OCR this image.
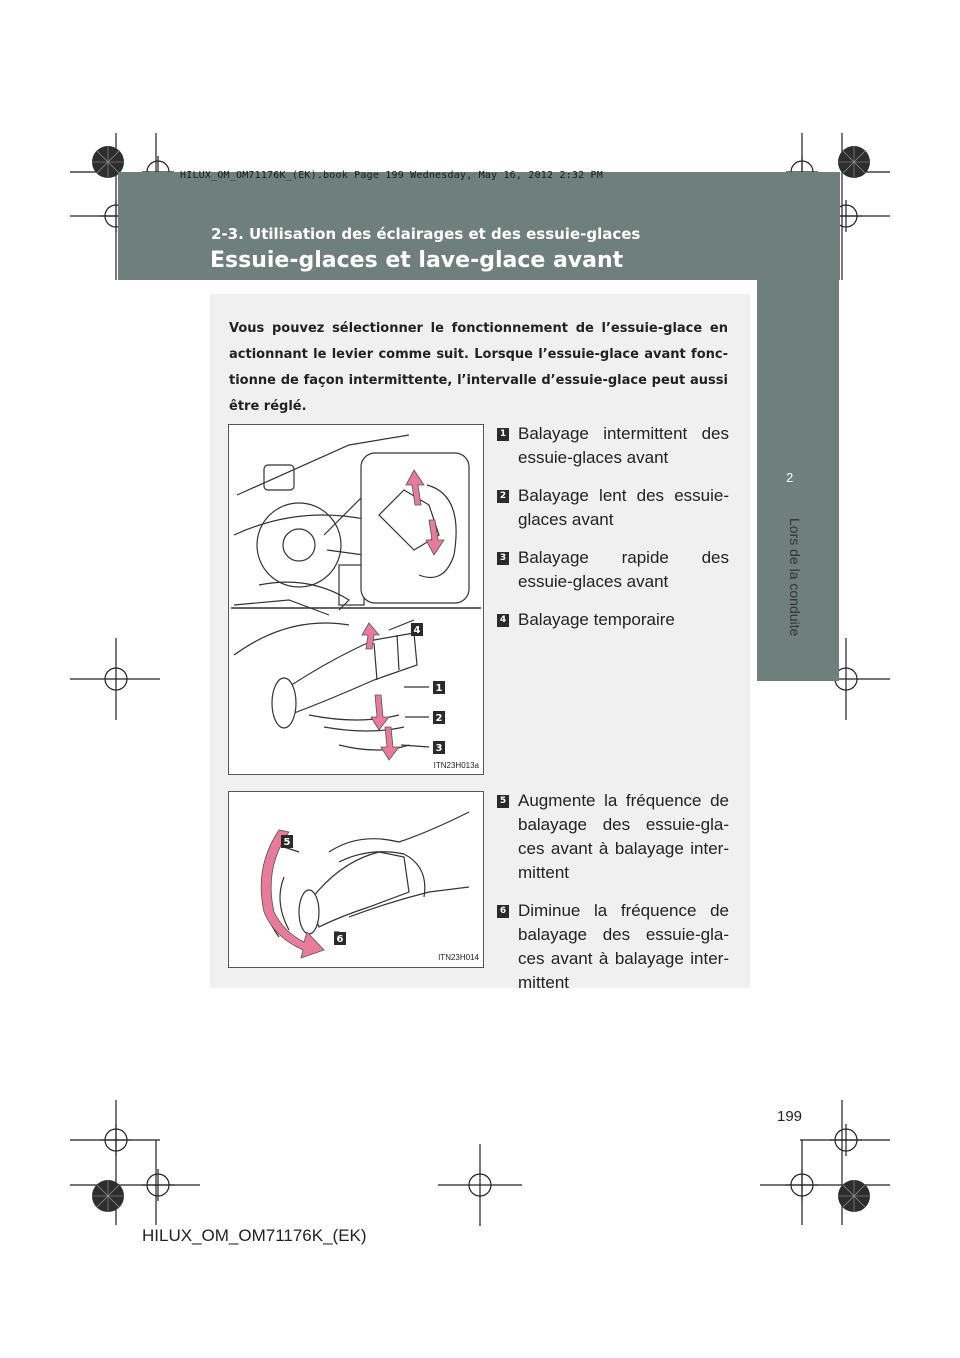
HILUX_OM_OM71176K_(EK).book Page 199 Wednesday, May 16, 2012 2:32 PM
2-3. Utilisation des éclairages et des essuie-glaces
Essuie-glaces et lave-glace avant
2
Lors de la conduite
Vous pouvez sélectionner le fonctionnement de l’essuie-glace en actionnant le levier comme suit. Lorsque l’essuie-glace avant fonc-tionne de façon intermittente, l’intervalle d’essuie-glace peut aussi être réglé.
4
1
2
3
ITN23H013a
1 Balayage intermittent des essuie-glaces avant
2 Balayage lent des essuie-glaces avant
3 Balayage rapide des essuie-glaces avant
4 Balayage temporaire
5
6
ITN23H014
5 Augmente la fréquence de balayage des essuie-gla-ces avant à balayage inter-mittent
6 Diminue la fréquence de balayage des essuie-gla-ces avant à balayage inter-mittent
199
HILUX_OM_OM71176K_(EK)
